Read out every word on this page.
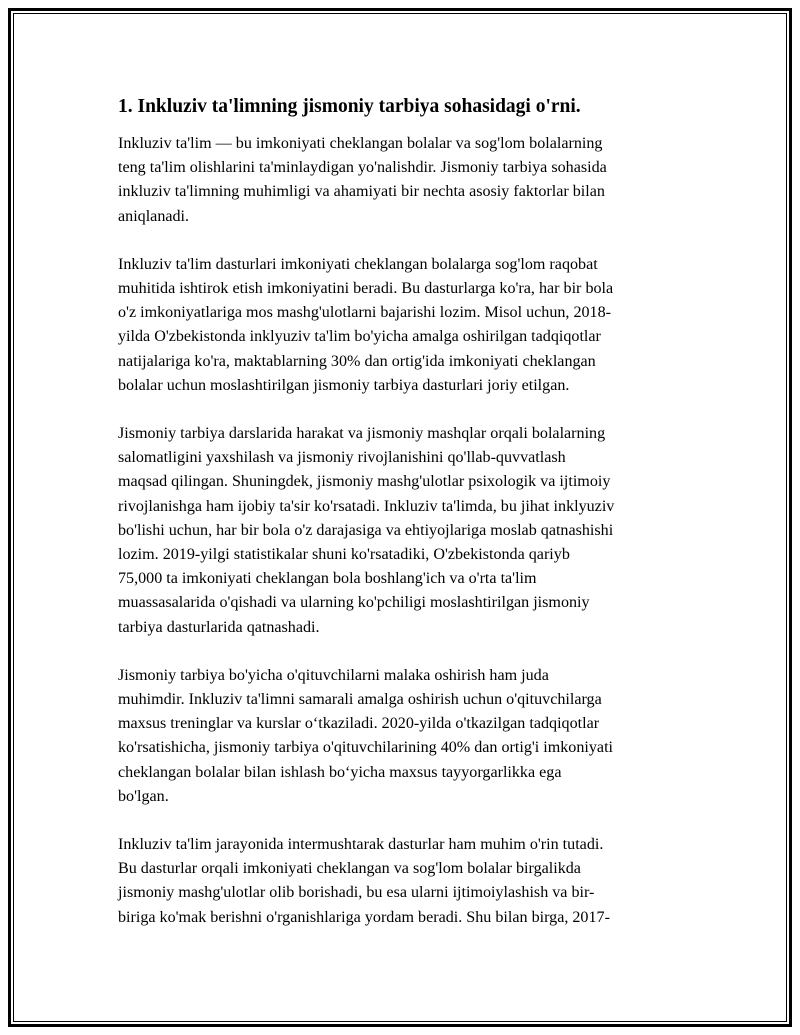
1. Inkluziv ta'limning jismoniy tarbiya sohasidagi o'rni.

Inkluziv ta'lim — bu imkoniyati cheklangan bolalar va sog'lom bolalarning
teng ta'lim olishlarini ta'minlaydigan yo'nalishdir. Jismoniy tarbiya sohasida
inkluziv ta'limning muhimligi va ahamiyati bir nechta asosiy faktorlar bilan
aniqlanadi.

Inkluziv ta'lim dasturlari imkoniyati cheklangan bolalarga sog'lom raqobat
muhitida ishtirok etish imkoniyatini beradi. Bu dasturlarga ko'ra, har bir bola
o'z imkoniyatlariga mos mashg'ulotlarni bajarishi lozim. Misol uchun, 2018-
yilda O'zbekistonda inklyuziv ta'lim bo'yicha amalga oshirilgan tadqiqotlar
natijalariga ko'ra, maktablarning 30% dan ortig'ida imkoniyati cheklangan
bolalar uchun moslashtirilgan jismoniy tarbiya dasturlari joriy etilgan.

Jismoniy tarbiya darslarida harakat va jismoniy mashqlar orqali bolalarning
salomatligini yaxshilash va jismoniy rivojlanishini qo'llab-quvvatlash
maqsad qilingan. Shuningdek, jismoniy mashg'ulotlar psixologik va ijtimoiy
rivojlanishga ham ijobiy ta'sir ko'rsatadi. Inkluziv ta'limda, bu jihat inklyuziv
bo'lishi uchun, har bir bola o'z darajasiga va ehtiyojlariga moslab qatnashishi
lozim. 2019-yilgi statistikalar shuni ko'rsatadiki, O'zbekistonda qariyb
75,000 ta imkoniyati cheklangan bola boshlang'ich va o'rta ta'lim
muassasalarida o'qishadi va ularning ko'pchiligi moslashtirilgan jismoniy
tarbiya dasturlarida qatnashadi.

Jismoniy tarbiya bo'yicha o'qituvchilarni malaka oshirish ham juda
muhimdir. Inkluziv ta'limni samarali amalga oshirish uchun o'qituvchilarga
maxsus treninglar va kurslar o‘tkaziladi. 2020-yilda o'tkazilgan tadqiqotlar
ko'rsatishicha, jismoniy tarbiya o'qituvchilarining 40% dan ortig'i imkoniyati
cheklangan bolalar bilan ishlash bo‘yicha maxsus tayyorgarlikka ega
bo'lgan.

Inkluziv ta'lim jarayonida intermushtarak dasturlar ham muhim o'rin tutadi.
Bu dasturlar orqali imkoniyati cheklangan va sog'lom bolalar birgalikda
jismoniy mashg'ulotlar olib borishadi, bu esa ularni ijtimoiylashish va bir-
biriga ko'mak berishni o'rganishlariga yordam beradi. Shu bilan birga, 2017-
